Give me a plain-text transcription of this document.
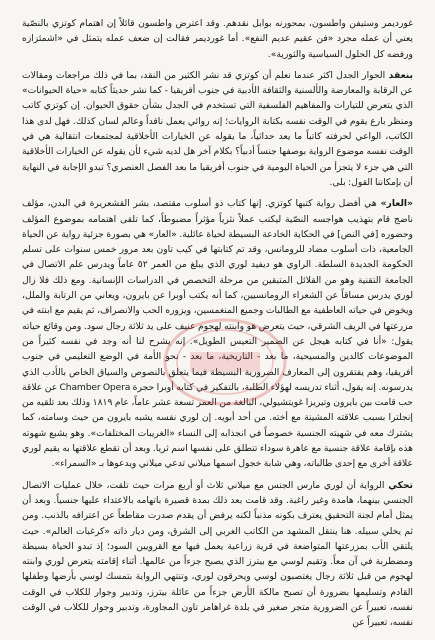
غوردیمر وستيفن واطسون، بمحورنه بوابل نقدهم. وقد اعترض واطسون قائلاً إن اهتمام كوتزي بالنصّية يعني أن عمله مجرد «فن عقيم عديم النفع». أما غورديمر فقالت إن ضعف عمله يتمثل في «اشمئزازه ورفضه كل الحلول السياسية والثورية».

بنعقد الحوار الجدل اكثر عندما نعلم أن كوتزي قد نشر الكثير من النقد، بما في ذلك مراجعات ومقالات عن الرقابة والمعارضة والألسنية والثقافة الأدبية في جنوب أفريقيا - كما نشر حديثاً كتابه «حياة الحيوانات» الذي يتعرض للتيارات والمفاهيم الفلسفية التي تستخدم في الجدل بشأن حقوق الحيوان. إن كوتزي كاتب ومنظر بارع يقوم في الوقت نفسه بكتابة الروايات؛ إنه روائي يعمل ناقداً وعالم لسان كذلك. فهل لدى هذا الكاتب، الواعي لحرفته كاتباً ما يعد حداثياً، ما يقوله عن الخيارات الأخلاقية لمجتمعات انتقالية هي في الوقت نفسه موضوع الرواية بوصفها جنساً أدبياً؟ بكلام آخر هل لديه شيء لأن يقوله عن الخيارات الأخلاقية التي هي جزء لا يتجزأ من الحياة اليومية في جنوب أفريقيا ما بعد الفصل العنصري؟ تبدو الإجابة في النهاية أن بإمكاننا القول: بلى.

«العار» هي أفضل رواية كتبها كوتزي. إنها كتاب ذو أسلوب مقتصد، بشر القشعريرة في البدن، مؤلف ناضج قام بتهذيب هواجسه النصّية ليكتب عملاً نثرياً مؤثراً مضبوطاً، كما تلقى اهتمامه بموضوع المؤلف وحضوره [في النص] في الحكاية الخادعة البسيطة لحياة عائلية. «العار» هي بصورة جزئية رواية عن الحياة الجامعية، ذات أسلوب مضاد للرومانس، وقد تم كتابتها في كيب تاون بعد مرور خمس سنوات على تسلم الحكومة الجديدة السلطة. الراوي هو ديفيد لوري الذي يبلغ من العمر ٥٢ عاماً ويدرس علم الاتصال في الجامعة التقنية وهو من القلائل المتبقين من مرحلة التخصص في الدراسات الإنسانية. ومع ذلك فلا زال لوري يدرس مساقاً عن الشعراء الرومانسيين، كما أنه يكتب أوبرا عن بايرون، ويعاني من الرتابة والملل، ويخوض في حياته العاطفية مع الطالبات وجميع المنغمسين، ويزوره الحب والانصراف، ثم يقيم مع ابنته في مزرعتها في الريف الشرقي، حيث يتعرض هو وابنته لهجوم عنيف على يد ثلاثة رجال سود. ومن وقائع حياته يقول: «أنا في كتابه هيجل عن الضمير التعيس الطويل». إنه يشرح لنا أنه وجد في نفسه كثيراً من الموضوعات كالدين والمسيحية، ما بعد - التاريخية، ما بعد - نحو الأمة في الوضع التعليمي في جنوب أفريقيا، وهم يفتقرون إلى المعارف الضرورية البسيطة فيما يتعلق بالنصوص والسياق الخاص بالأدب الذي يدرسونه. إنه يقول، أثناء تدريسه لهؤلاء الطلبة، بالتفكير في كتابه أوبرا حجرة Chamber Opera عن علاقة حب قامت بين بايرون وتيريزا غويتشيولي، البالغة من العمر تسعة عشر عاماً، عام ١٨١٩ وذلك بعد تلقيه من إنجلترا بسبب علاقته المشينة مع أخته. من أحد أبويه. إن لوري نفسه يشبه بايرون من حيث وسامته، كما يشترك معه في شهيته الجنسية خصوصاً في انجذابه إلى النساء «الغريبات المختلفات». وهو يشبع شهوته هذه بإقامة علاقة جنسية مع عاهرة سوداء تتطلق على نفسها اسم ثريا. وبعد أن تقطع علاقتها به يقيم لوري علاقة أخرى مع إحدى طالباته، وهي شابة خجول اسمها ميلاني تدعي ميلاني ويدعوها بـ «السمراء».

تحكي الرواية أن لوري مارس الجنس مع ميلاني ثلاث أو أربع مرات حيث تلقت، خلال عمليات الاتصال الجنسي بينهما، هامدة وغير راغبة. وقد قامت بعد ذلك بمدة قصيرة باتهامه بالاعتداء عليها جنسياً. وبعد أن يمثل أمام لجنة التحقيق يعترف بكونه مذنباً لكنه يرفض أن يقدم صدرت مقاطعاً عن اعترافه بالذنب. ومن ثم يخلي سبيله. هنا ينتقل المشهد من الكاتب الغربي إلى الشرق، ومن ديار ذاته «كرغبات العالم». حيث يلتقي الأب بمزرعتها المتواضعة في قرية زراعية يعمل فيها مع القرويين السود؛ إذ تبدو الحياة بسيطة ومضطربة في آن معاً. وتقيم لوسي مع بيترز الذي يصبح جزءاً من عالمها. أثناء إقامته يتعرض لوري وابنته لهجوم من قبل ثلاثة رجال يغتصبون لوسي ويحرقون لوري، وتنتهي الرواية بتمسك لوسي بأرضها وطفلها القادم وتسليمها بضرورة أن تصبح مالكة الأرض جزءاً من عائلة بيترز، وتدبير وجوار للكلاب في الوقت نفسه، تعبيراً عن الضرورية متجر صغير في بلدة غراهامز تاون المجاورة، وتدبير وجوار للكلاب في الوقت نفسه، تعبيراً عن
